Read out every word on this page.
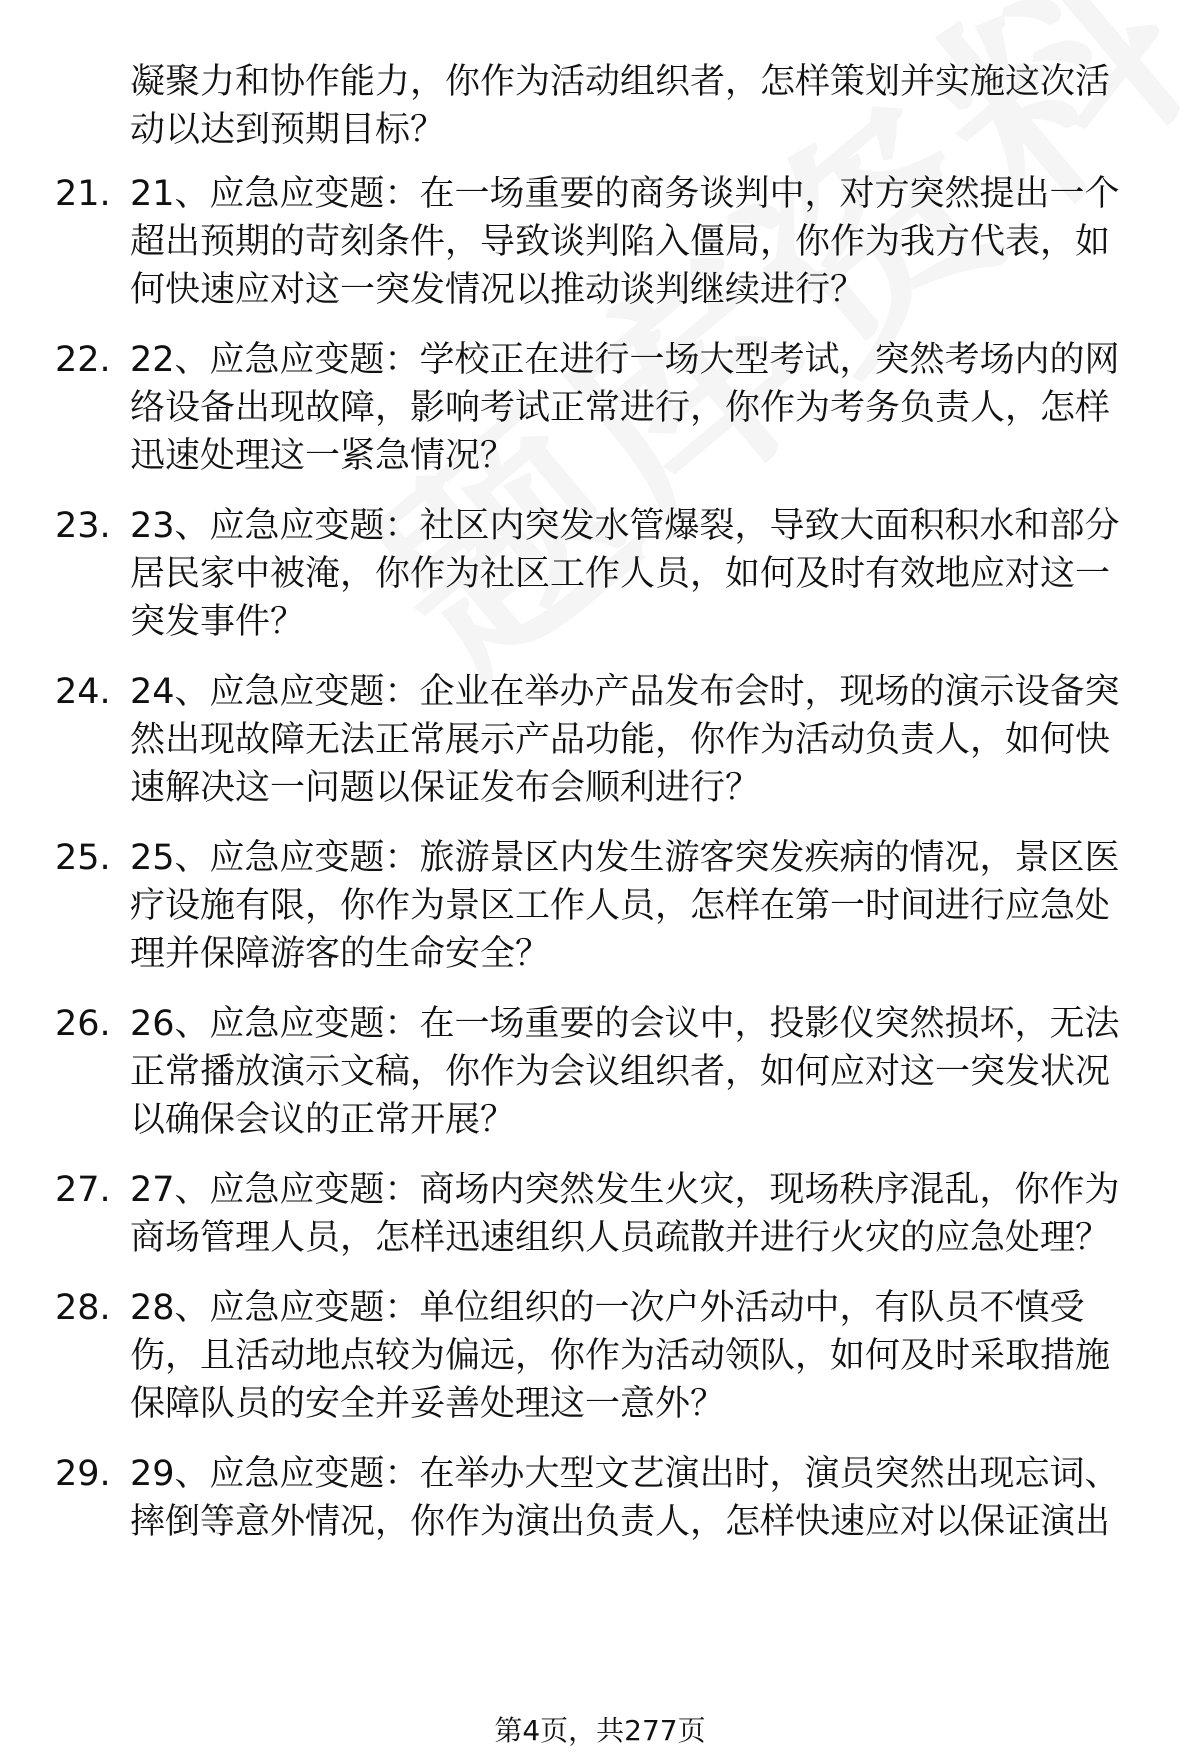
凝聚力和协作能力，你作为活动组织者，怎样策划并实施这次活动以达到预期目标？
21. 21、应急应变题：在一场重要的商务谈判中，对方突然提出一个超出预期的苛刻条件，导致谈判陷入僵局，你作为我方代表，如何快速应对这一突发情况以推动谈判继续进行？
22. 22、应急应变题：学校正在进行一场大型考试，突然考场内的网络设备出现故障，影响考试正常进行，你作为考务负责人，怎样迅速处理这一紧急情况？
23. 23、应急应变题：社区内突发水管爆裂，导致大面积积水和部分居民家中被淹，你作为社区工作人员，如何及时有效地应对这一突发事件？
24. 24、应急应变题：企业在举办产品发布会时，现场的演示设备突然出现故障无法正常展示产品功能，你作为活动负责人，如何快速解决这一问题以保证发布会顺利进行？
25. 25、应急应变题：旅游景区内发生游客突发疾病的情况，景区医疗设施有限，你作为景区工作人员，怎样在第一时间进行应急处理并保障游客的生命安全？
26. 26、应急应变题：在一场重要的会议中，投影仪突然损坏，无法正常播放演示文稿，你作为会议组织者，如何应对这一突发状况以确保会议的正常开展？
27. 27、应急应变题：商场内突然发生火灾，现场秩序混乱，你作为商场管理人员，怎样迅速组织人员疏散并进行火灾的应急处理？
28. 28、应急应变题：单位组织的一次户外活动中，有队员不慎受伤，且活动地点较为偏远，你作为活动领队，如何及时采取措施保障队员的安全并妥善处理这一意外？
29. 29、应急应变题：在举办大型文艺演出时，演员突然出现忘词、摔倒等意外情况，你作为演出负责人，怎样快速应对以保证演出
第4页，共277页
